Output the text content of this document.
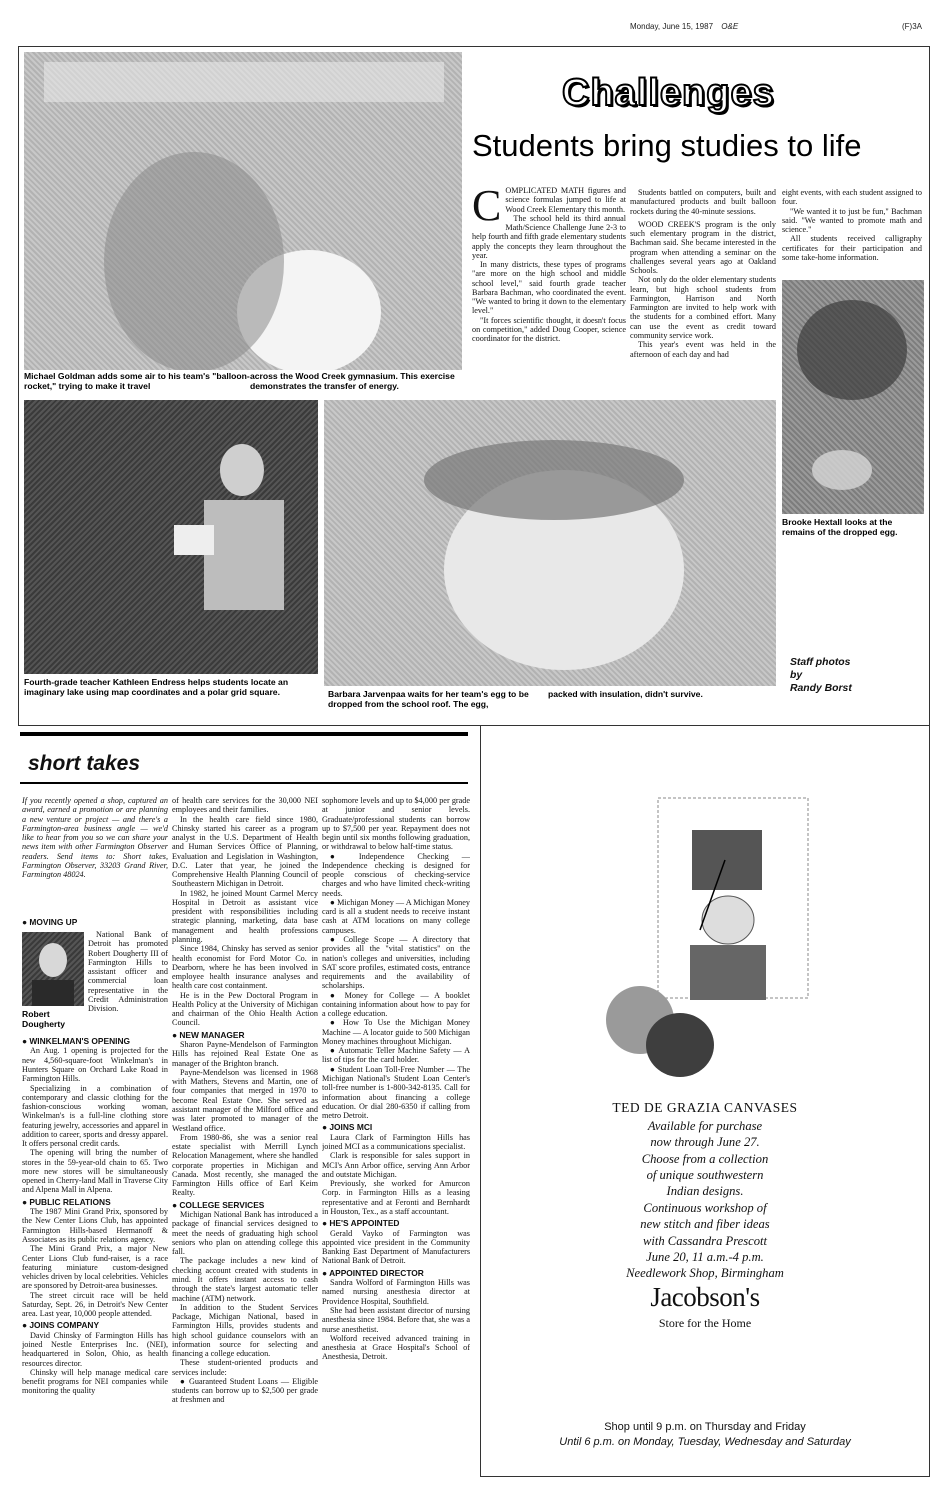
Monday, June 15, 1987 O&E	(F)3A
Michael Goldman adds some air to his team's "balloon-rocket," trying to make it travel
across the Wood Creek gymnasium. This exercise demonstrates the transfer of energy.
Challenges
Students bring studies to life
C OMPLICATED MATH figures and science formulas jumped to life at Wood Creek Elementary this month.

The school held its third annual Math/Science Challenge June 2-3 to help fourth and fifth grade elementary students apply the concepts they learn throughout the year.

In many districts, these types of programs "are more on the high school and middle school level," said fourth grade teacher Barbara Bachman, who coordinated the event. "We wanted to bring it down to the elementary level."

"It forces scientific thought, it doesn't focus on competition," added Doug Cooper, science coordinator for the district.

Students battled on computers, built and manufactured products and built balloon rockets during the 40-minute sessions.

WOOD CREEK'S program is the only such elementary program in the district, Bachman said. She became interested in the program when attending a seminar on the challenges several years ago at Oakland Schools.

Not only do the older elementary students learn, but high school students from Farmington, Harrison and North Farmington are invited to help work with the students for a combined effort. Many can use the event as credit toward community service work.

This year's event was held in the afternoon of each day and had

eight events, with each student assigned to four.

"We wanted it to just be fun," Bachman said. "We wanted to promote math and science."

All students received calligraphy certificates for their participation and some take-home information.

Brooke Hextall looks at the remains of the dropped egg.
Fourth-grade teacher Kathleen Endress helps students locate an imaginary lake using map coordinates and a polar grid square.	Barbara Jarvenpaa waits for her team's egg to be dropped from the school roof. The egg,
packed with insulation, didn't survive.
Staff photos
by
Randy Borst
short takes

If you recently opened a shop, captured an award, earned a promotion or are planning a new venture or project — and there's a Farmington-area business angle — we'd like to hear from you so we can share your news item with other Farmington Observer readers. Send items to: Short takes, Farmington Observer, 33203 Grand River, Farmington 48024.

● MOVING UP

Robert Dougherty

National Bank of Detroit has promoted Robert Dougherty III of Farmington Hills to assistant officer and commercial loan representative in the Credit Administration Division.

● WINKELMAN'S OPENING

An Aug. 1 opening is projected for the new 4,560-square-foot Winkelman's in Hunters Square on Orchard Lake Road in Farmington Hills.

Specializing in a combination of contemporary and classic clothing for the fashion-conscious working woman, Winkelman's is a full-line clothing store featuring jewelry, accessories and apparel in addition to career, sports and dressy apparel. It offers personal credit cards.

The opening will bring the number of stores in the 59-year-old chain to 65. Two more new stores will be simultaneously opened in Cherry-land Mall in Traverse City and Alpena Mall in Alpena.

● PUBLIC RELATIONS

The 1987 Mini Grand Prix, sponsored by the New Center Lions Club, has appointed Farmington Hills-based Hermanoff & Associates as its public relations agency.

The Mini Grand Prix, a major New Center Lions Club fund-raiser, is a race featuring miniature custom-designed vehicles driven by local celebrities. Vehicles are sponsored by Detroit-area businesses.

The street circuit race will be held Saturday, Sept. 26, in Detroit's New Center area. Last year, 10,000 people attended.

● JOINS COMPANY

David Chinsky of Farmington Hills has joined Nestle Enterprises Inc. (NEI), headquartered in Solon, Ohio, as health resources director.

Chinsky will help manage medical care benefit programs for NEI companies while monitoring the quality

of health care services for the 30,000 NEI employees and their families.

In the health care field since 1980, Chinsky started his career as a program analyst in the U.S. Department of Health and Human Services Office of Planning, Evaluation and Legislation in Washington, D.C. Later that year, he joined the Comprehensive Health Planning Council of Southeastern Michigan in Detroit.

In 1982, he joined Mount Carmel Mercy Hospital in Detroit as assistant vice president with responsibilities including strategic planning, marketing, data base management and health professions planning.

Since 1984, Chinsky has served as senior health economist for Ford Motor Co. in Dearborn, where he has been involved in employee health insurance analyses and health care cost containment.

He is in the Pew Doctoral Program in Health Policy at the University of Michigan and chairman of the Ohio Health Action Council.

● NEW MANAGER

Sharon Payne-Mendelson of Farmington Hills has rejoined Real Estate One as manager of the Brighton branch.

Payne-Mendelson was licensed in 1968 with Mathers, Stevens and Martin, one of four companies that merged in 1970 to become Real Estate One. She served as assistant manager of the Milford office and was later promoted to manager of the Westland office.

From 1980-86, she was a senior real estate specialist with Merrill Lynch Relocation Management, where she handled corporate properties in Michigan and Canada. Most recently, she managed the Farmington Hills office of Earl Keim Realty.

● COLLEGE SERVICES

Michigan National Bank has introduced a package of financial services designed to meet the needs of graduating high school seniors who plan on attending college this fall.

The package includes a new kind of checking account created with students in mind. It offers instant access to cash through the state's largest automatic teller machine (ATM) network.

In addition to the Student Services Package, Michigan National, based in Farmington Hills, provides students and high school guidance counselors with an information source for selecting and financing a college education.

These student-oriented products and services include:

● Guaranteed Student Loans — Eligible students can borrow up to $2,500 per grade at freshmen and

sophomore levels and up to $4,000 per grade at junior and senior levels. Graduate/professional students can borrow up to $7,500 per year. Repayment does not begin until six months following graduation, or withdrawal to below half-time status.

● Independence Checking — Independence checking is designed for people conscious of checking-service charges and who have limited check-writing needs.

● Michigan Money — A Michigan Money card is all a student needs to receive instant cash at ATM locations on many college campuses.

● College Scope — A directory that provides all the "vital statistics" on the nation's colleges and universities, including SAT score profiles, estimated costs, entrance requirements and the availability of scholarships.

● Money for College — A booklet containing information about how to pay for a college education.

● How To Use the Michigan Money Machine — A locator guide to 500 Michigan Money machines throughout Michigan.

● Automatic Teller Machine Safety — A list of tips for the card holder.

● Student Loan Toll-Free Number — The Michigan National's Student Loan Center's toll-free number is 1-800-342-8135. Call for information about financing a college education. Or dial 280-6350 if calling from metro Detroit.

● JOINS MCI

Laura Clark of Farmington Hills has joined MCI as a communications specialist.

Clark is responsible for sales support in MCI's Ann Arbor office, serving Ann Arbor and outstate Michigan.

Previously, she worked for Amurcon Corp. in Farmington Hills as a leasing representative and at Feronti and Bernhardt in Houston, Tex., as a staff accountant.

● HE'S APPOINTED

Gerald Vayko of Farmington was appointed vice president in the Community Banking East Department of Manufacturers National Bank of Detroit.

● APPOINTED DIRECTOR

Sandra Wolford of Farmington Hills was named nursing anesthesia director at Providence Hospital, Southfield.

She had been assistant director of nursing anesthesia since 1984. Before that, she was a nurse anesthetist.

Wolford received advanced training in anesthesia at Grace Hospital's School of Anesthesia, Detroit.

TED DE GRAZIA CANVASES
Available for purchase
now through June 27.
Choose from a collection
of unique southwestern
Indian designs.
Continuous workshop of
new stitch and fiber ideas
with Cassandra Prescott
June 20, 11 a.m.-4 p.m.
Needlework Shop, Birmingham
Jacobson's
Store for the Home
Shop until 9 p.m. on Thursday and Friday
Until 6 p.m. on Monday, Tuesday, Wednesday and Saturday
